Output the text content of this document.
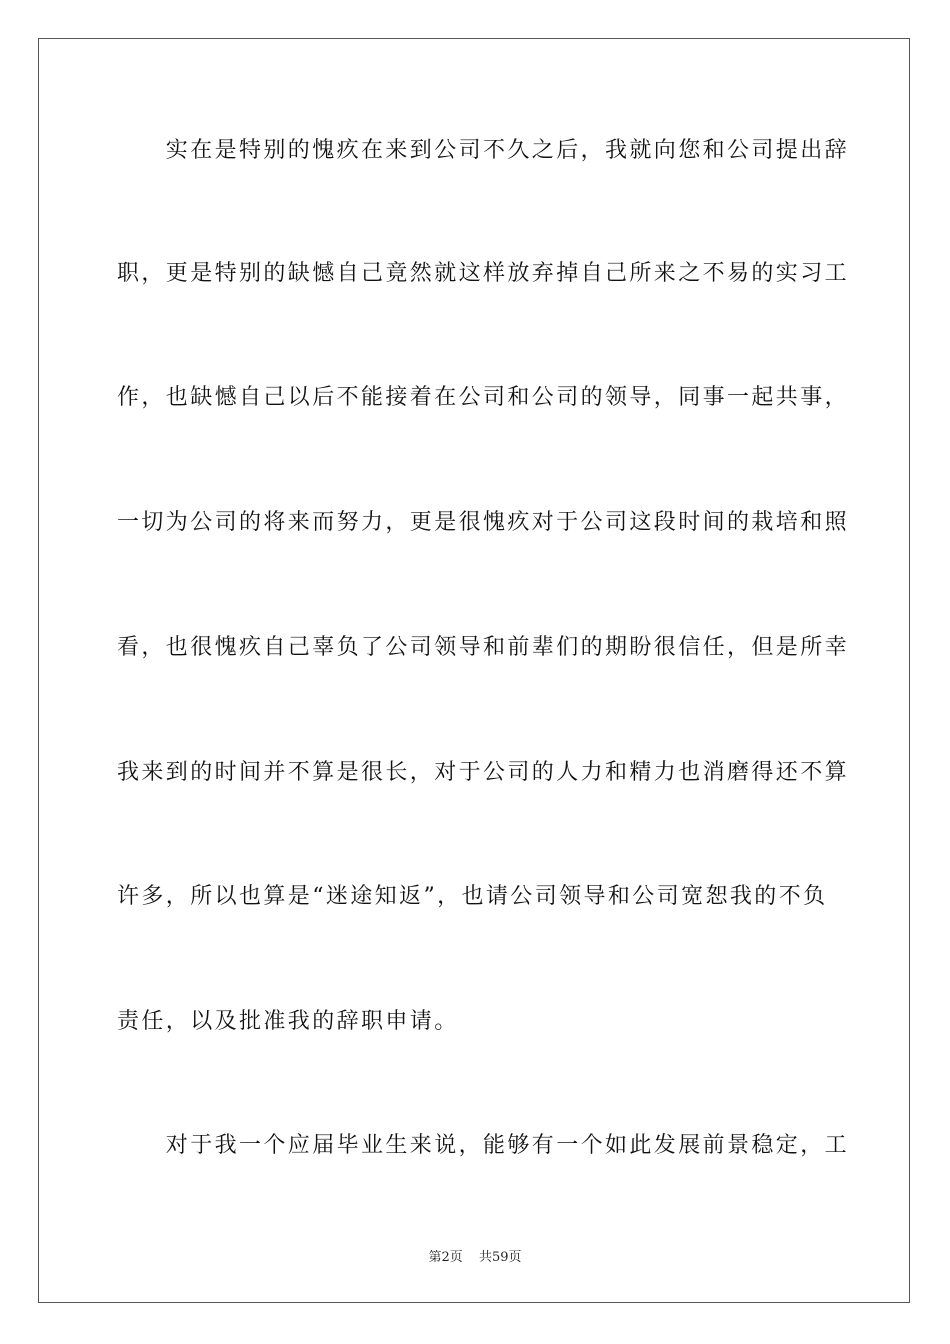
　　实在是特别的愧疚在来到公司不久之后，我就向您和公司提出辞
职，更是特别的缺憾自己竟然就这样放弃掉自己所来之不易的实习工
作，也缺憾自己以后不能接着在公司和公司的领导，同事一起共事，
一切为公司的将来而努力，更是很愧疚对于公司这段时间的栽培和照
看，也很愧疚自己辜负了公司领导和前辈们的期盼很信任，但是所幸
我来到的时间并不算是很长，对于公司的人力和精力也消磨得还不算
许多，所以也算是“迷途知返”，也请公司领导和公司宽恕我的不负
责任，以及批准我的辞职申请。
　　对于我一个应届毕业生来说，能够有一个如此发展前景稳定，工
第2页 共59页
